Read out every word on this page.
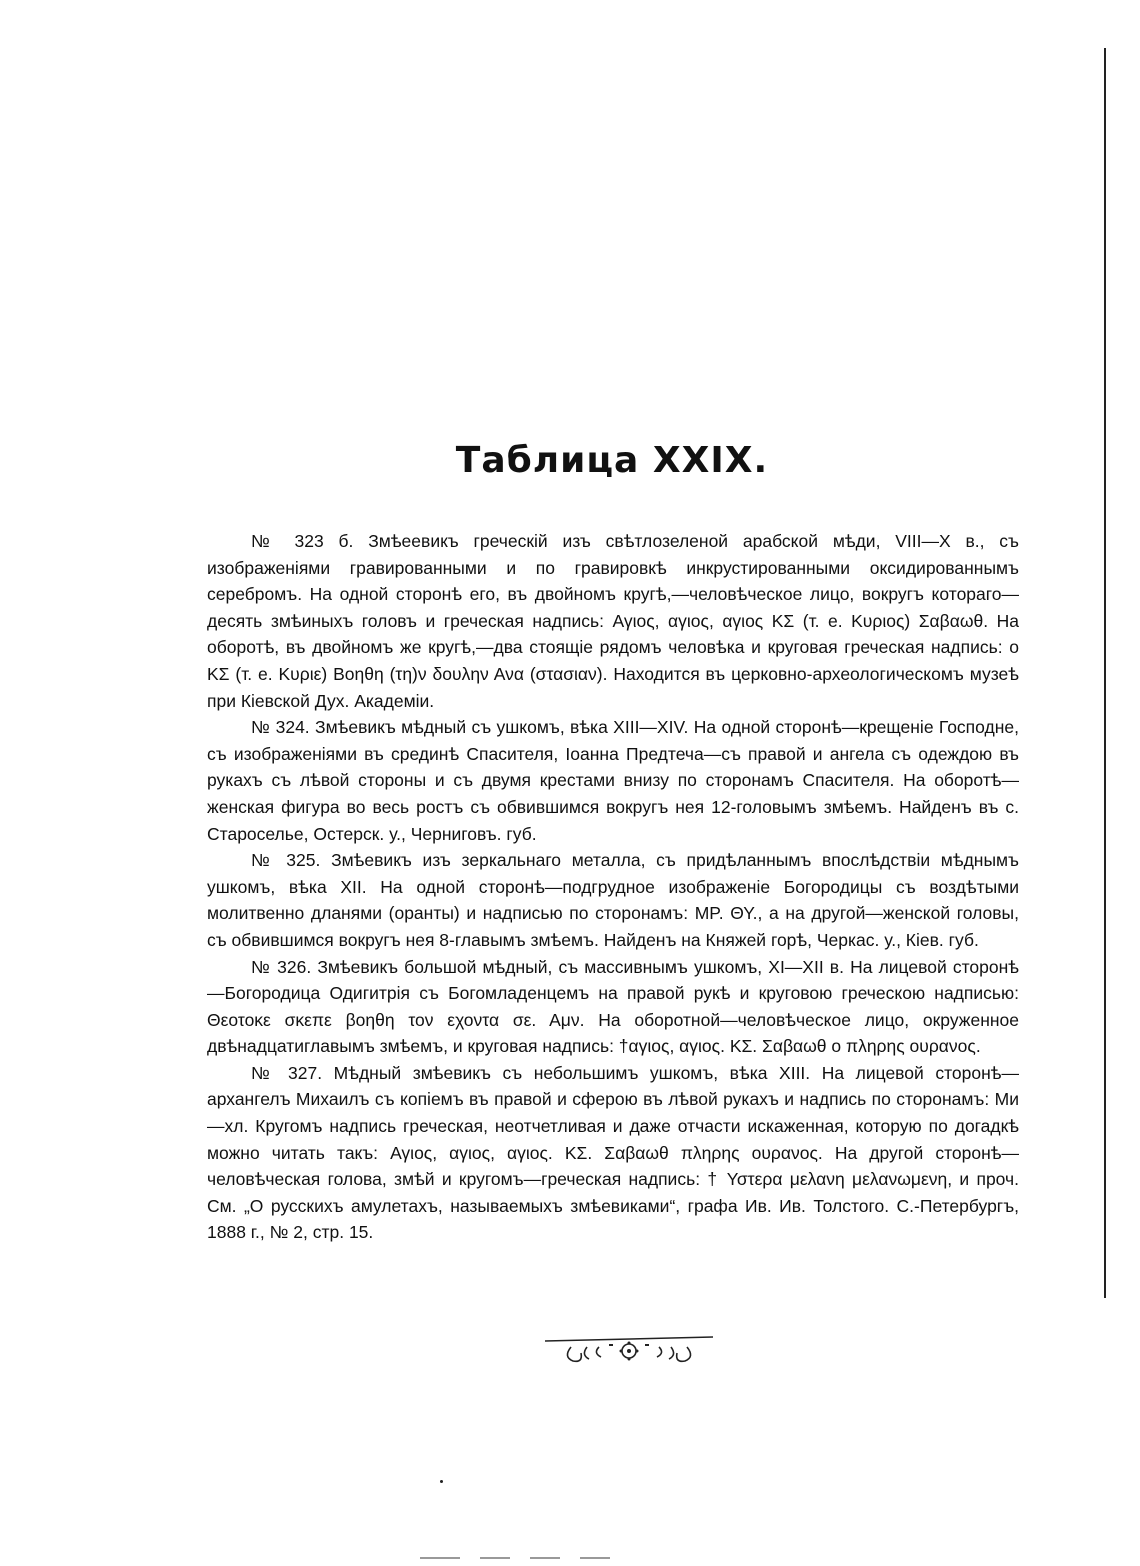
Таблица XXIX.

№ 323 б. Змѣеевикъ греческій изъ свѣтлозеленой арабской мѣди, VIII—X в., съ изображеніями гравированными и по гравировкѣ инкрустированными оксидированнымъ серебромъ. На одной сторонѣ его, въ двойномъ кругѣ,—человѣческое лицо, вокругъ котораго—десять змѣиныхъ головъ и греческая надпись: Αγιος, αγιος, αγιος ΚΣ (т. е. Κυριος) Σαβαωθ. На оборотѣ, въ двойномъ же кругѣ,—два стоящіе рядомъ человѣка и круговая греческая надпись: ο ΚΣ (т. е. Κυριε) Βοηθη (τη)ν δουλην Ανα (στασιαν). Находится въ церковно-археологическомъ музеѣ при Кіевской Дух. Академіи.

№ 324. Змѣевикъ мѣдный съ ушкомъ, вѣка XIII—XIV. На одной сторонѣ—крещеніе Господне, съ изображеніями въ срединѣ Спасителя, Іоанна Предтеча—съ правой и ангела съ одеждою въ рукахъ съ лѣвой стороны и съ двумя крестами внизу по сторонамъ Спасителя. На оборотѣ—женская фигура во весь ростъ съ обвившимся вокругъ нея 12-головымъ змѣемъ. Найденъ въ с. Староселье, Остерск. у., Черниговъ. губ.

№ 325. Змѣевикъ изъ зеркальнаго металла, съ придѣланнымъ впослѣдствіи мѣднымъ ушкомъ, вѣка XII. На одной сторонѣ—подгрудное изображеніе Богородицы съ воздѣтыми молитвенно дланями (оранты) и надписью по сторонамъ: ΜΡ. ΘΥ., а на другой—женской головы, съ обвившимся вокругъ нея 8-главымъ змѣемъ. Найденъ на Княжей горѣ, Черкас. у., Кіев. губ.

№ 326. Змѣевикъ большой мѣдный, съ массивнымъ ушкомъ, XI—XII в. На лицевой сторонѣ—Богородица Одигитрія съ Богомладенцемъ на правой рукѣ и круговою греческою надписью: Θεοτοκε σκεπε βοηθη τον εχοντα σε. Αμν. На оборотной—человѣческое лицо, окруженное двѣнадцатиглавымъ змѣемъ, и круговая надпись: †αγιος, αγιος. ΚΣ. Σαβαωθ ο πληρης ουρανος.

№ 327. Мѣдный змѣевикъ съ небольшимъ ушкомъ, вѣка XIII. На лицевой сторонѣ—архангелъ Михаилъ съ копіемъ въ правой и сферою въ лѣвой рукахъ и надпись по сторонамъ: Ми—хл. Кругомъ надпись греческая, неотчетливая и даже отчасти искаженная, которую по догадкѣ можно читать такъ: Αγιος, αγιος, αγιος. ΚΣ. Σαβαωθ πληρης ουρανος. На другой сторонѣ—человѣческая голова, змѣй и кругомъ—греческая надпись: † Υστερα μελανη μελανωμενη, и проч. См. „О русскихъ амулетахъ, называемыхъ змѣевиками“, графа Ив. Ив. Толстого. С.-Петербургъ, 1888 г., № 2, стр. 15.
